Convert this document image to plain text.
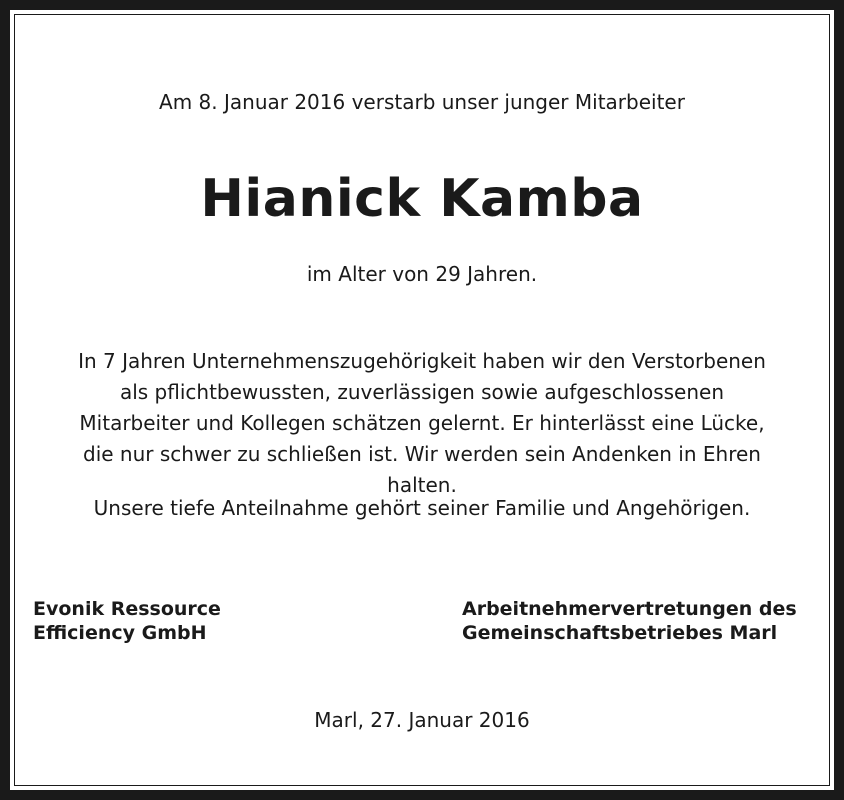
Am 8. Januar 2016 verstarb unser junger Mitarbeiter

Hianick Kamba

im Alter von 29 Jahren.

In 7 Jahren Unternehmenszugehörigkeit haben wir den Verstorbenen als pflichtbewussten, zuverlässigen sowie aufgeschlossenen Mitarbeiter und Kollegen schätzen gelernt. Er hinterlässt eine Lücke, die nur schwer zu schließen ist. Wir werden sein Andenken in Ehren halten.

Unsere tiefe Anteilnahme gehört seiner Familie und Angehörigen.

Evonik Ressource
Efficiency GmbH
Arbeitnehmervertretungen des
Gemeinschaftsbetriebes Marl

Marl, 27. Januar 2016
